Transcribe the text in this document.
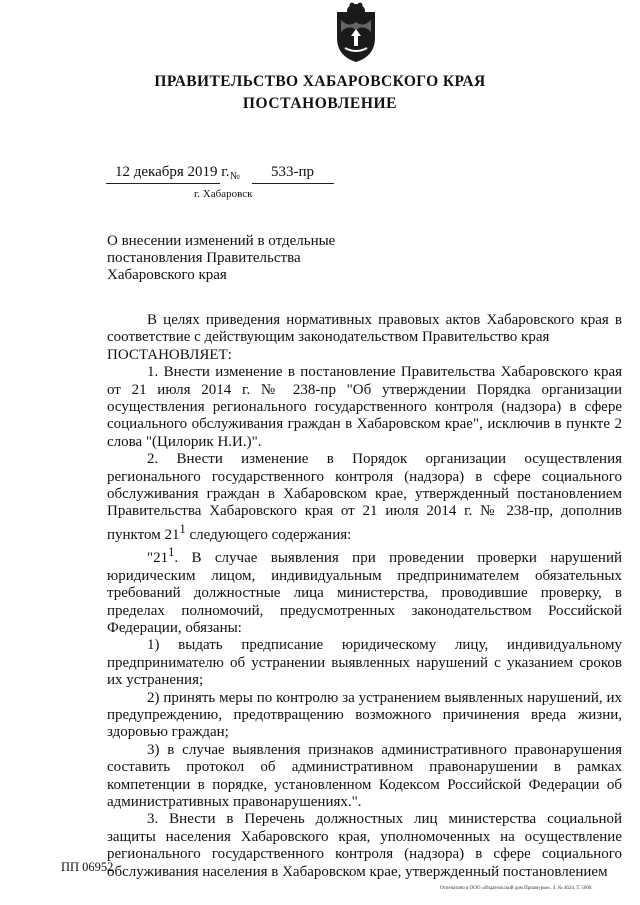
ПРАВИТЕЛЬСТВО ХАБАРОВСКОГО КРАЯ
ПОСТАНОВЛЕНИЕ
12 декабря 2019 г. № 533-пр
г. Хабаровск
О внесении изменений в отдельные постановления Правительства Хабаровского края

В целях приведения нормативных правовых актов Хабаровского края в соответствие с действующим законодательством Правительство края

ПОСТАНОВЛЯЕТ:

1. Внести изменение в постановление Правительства Хабаровского края от 21 июля 2014 г. № 238-пр "Об утверждении Порядка организации осуществления регионального государственного контроля (надзора) в сфере социального обслуживания граждан в Хабаровском крае", исключив в пункте 2 слова "(Цилорик Н.И.)".

2. Внести изменение в Порядок организации осуществления регионального государственного контроля (надзора) в сфере социального обслуживания граждан в Хабаровском крае, утвержденный постановлением Правительства Хабаровского края от 21 июля 2014 г. № 238-пр, дополнив пунктом $21^1$ следующего содержания:

"$21^1$. В случае выявления при проведении проверки нарушений юридическим лицом, индивидуальным предпринимателем обязательных требований должностные лица министерства, проводившие проверку, в пределах полномочий, предусмотренных законодательством Российской Федерации, обязаны:

1) выдать предписание юридическому лицу, индивидуальному предпринимателю об устранении выявленных нарушений с указанием сроков их устранения;

2) принять меры по контролю за устранением выявленных нарушений, их предупреждению, предотвращению возможного причинения вреда жизни, здоровью граждан;

3) в случае выявления признаков административного правонарушения составить протокол об административном правонарушении в рамках компетенции в порядке, установленном Кодексом Российской Федерации об административных правонарушениях.".

3. Внести в Перечень должностных лиц министерства социальной защиты населения Хабаровского края, уполномоченных на осуществление регионального государственного контроля (надзора) в сфере социального обслуживания населения в Хабаровском крае, утвержденный постановлением

ПП 06952
Отпечатано в ООО «Издательский дом Приамурье». З. № 4624. Т. 5000.
